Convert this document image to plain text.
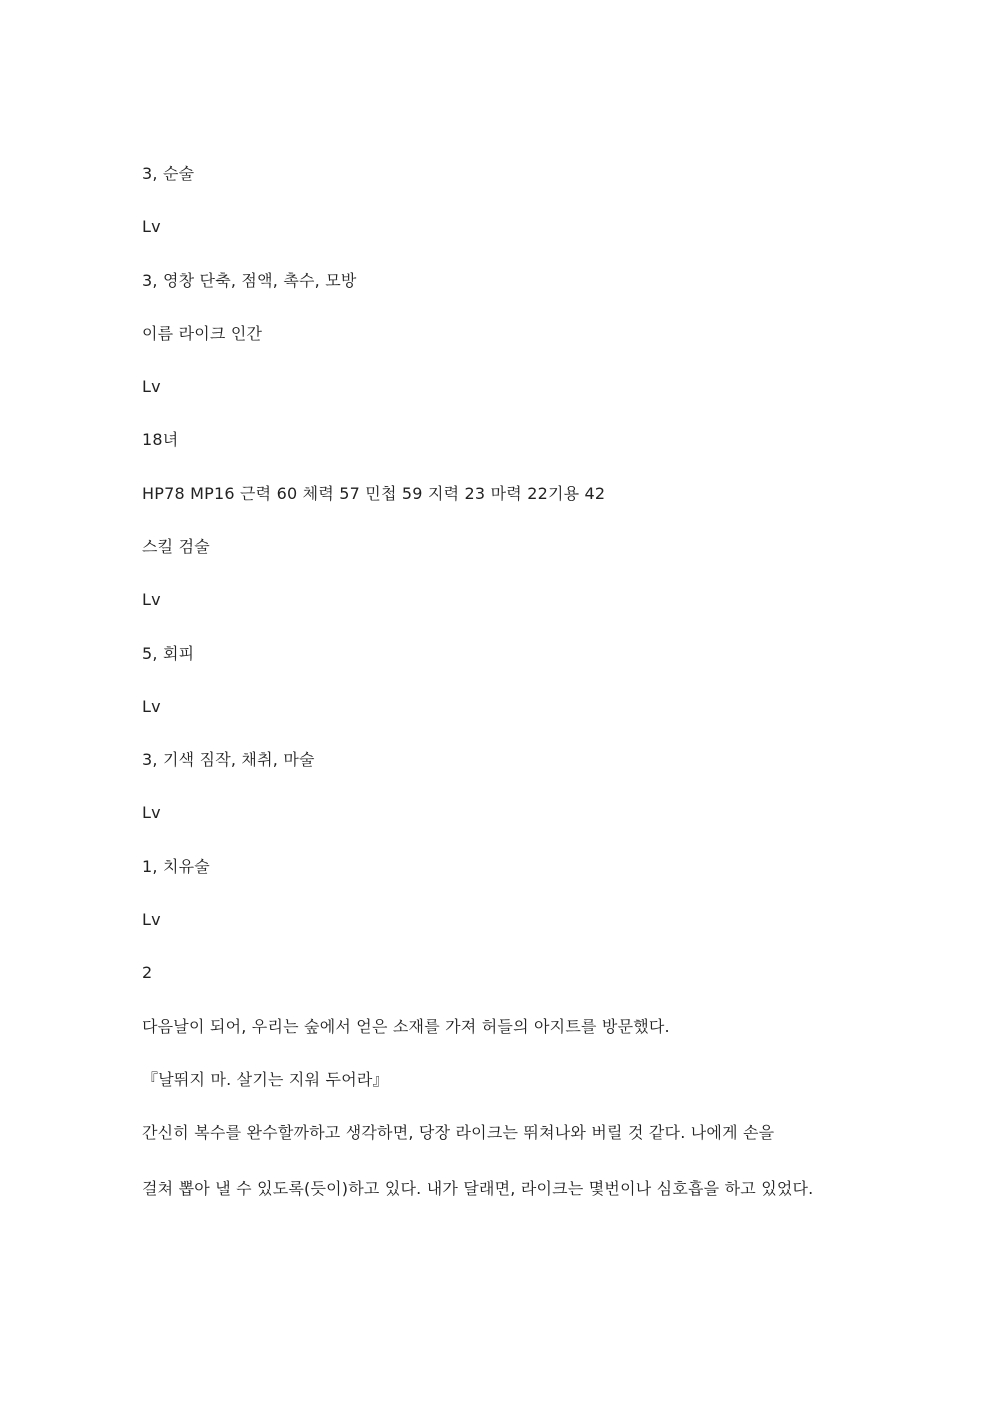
3, 순술
Lv
3, 영창 단축, 점액, 촉수, 모방
이름 라이크 인간
Lv
18녀
HP78 MP16 근력 60 체력 57 민첩 59 지력 23 마력 22기용 42
스킬 검술
Lv
5, 회피
Lv
3, 기색 짐작, 채취, 마술
Lv
1, 치유술
Lv
2
다음날이 되어, 우리는 숲에서 얻은 소재를 가져 허들의 아지트를 방문했다.
『날뛰지 마. 살기는 지워 두어라』
간신히 복수를 완수할까하고 생각하면, 당장 라이크는 뛰쳐나와 버릴 것 같다. 나에게 손을
걸쳐 뽑아 낼 수 있도록(듯이)하고 있다. 내가 달래면, 라이크는 몇번이나 심호흡을 하고 있었다.
